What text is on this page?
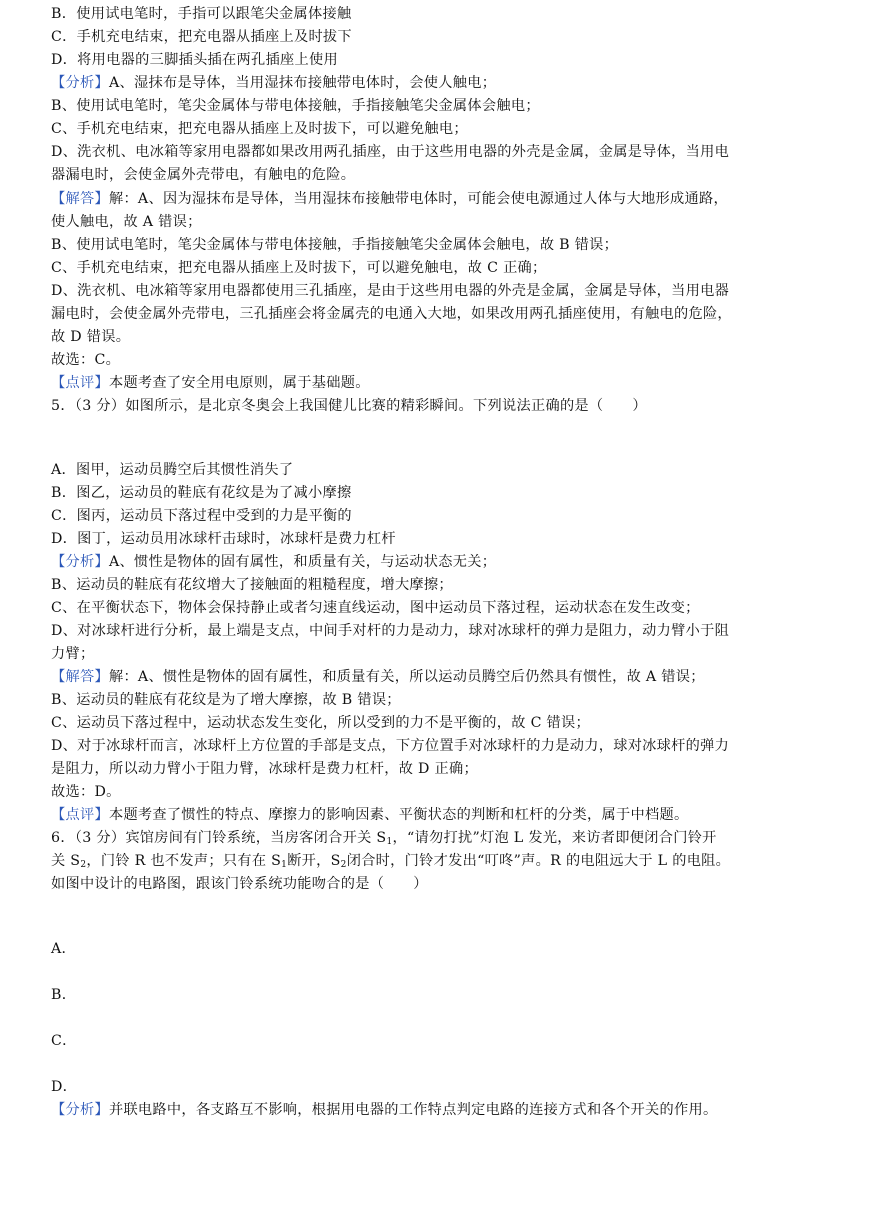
B．使用试电笔时，手指可以跟笔尖金属体接触
C．手机充电结束，把充电器从插座上及时拔下
D．将用电器的三脚插头插在两孔插座上使用
【分析】A、湿抹布是导体，当用湿抹布接触带电体时，会使人触电；
B、使用试电笔时，笔尖金属体与带电体接触，手指接触笔尖金属体会触电；
C、手机充电结束，把充电器从插座上及时拔下，可以避免触电；
D、洗衣机、电冰箱等家用电器都如果改用两孔插座，由于这些用电器的外壳是金属，金属是导体，当用电
器漏电时，会使金属外壳带电，有触电的危险。
【解答】解：A、因为湿抹布是导体，当用湿抹布接触带电体时，可能会使电源通过人体与大地形成通路，
使人触电，故 A 错误；
B、使用试电笔时，笔尖金属体与带电体接触，手指接触笔尖金属体会触电，故 B 错误；
C、手机充电结束，把充电器从插座上及时拔下，可以避免触电，故 C 正确；
D、洗衣机、电冰箱等家用电器都使用三孔插座，是由于这些用电器的外壳是金属，金属是导体，当用电器
漏电时，会使金属外壳带电，三孔插座会将金属壳的电通入大地，如果改用两孔插座使用，有触电的危险，
故 D 错误。
故选：C。
【点评】本题考查了安全用电原则，属于基础题。
5．（3 分）如图所示，是北京冬奥会上我国健儿比赛的精彩瞬间。下列说法正确的是（　　）
A．图甲，运动员腾空后其惯性消失了
B．图乙，运动员的鞋底有花纹是为了减小摩擦
C．图丙，运动员下落过程中受到的力是平衡的
D．图丁，运动员用冰球杆击球时，冰球杆是费力杠杆
【分析】A、惯性是物体的固有属性，和质量有关，与运动状态无关；
B、运动员的鞋底有花纹增大了接触面的粗糙程度，增大摩擦；
C、在平衡状态下，物体会保持静止或者匀速直线运动，图中运动员下落过程，运动状态在发生改变；
D、对冰球杆进行分析，最上端是支点，中间手对杆的力是动力，球对冰球杆的弹力是阻力，动力臂小于阻
力臂；
【解答】解：A、惯性是物体的固有属性，和质量有关，所以运动员腾空后仍然具有惯性，故 A 错误；
B、运动员的鞋底有花纹是为了增大摩擦，故 B 错误；
C、运动员下落过程中，运动状态发生变化，所以受到的力不是平衡的，故 C 错误；
D、对于冰球杆而言，冰球杆上方位置的手部是支点，下方位置手对冰球杆的力是动力，球对冰球杆的弹力
是阻力，所以动力臂小于阻力臂，冰球杆是费力杠杆，故 D 正确；
故选：D。
【点评】本题考查了惯性的特点、摩擦力的影响因素、平衡状态的判断和杠杆的分类，属于中档题。
6．（3 分）宾馆房间有门铃系统，当房客闭合开关 $S_1$，“请勿打扰”灯泡 L 发光，来访者即便闭合门铃开
关 $S_2$，门铃 R 也不发声；只有在 $S_1$断开，$S_2$闭合时，门铃才发出“叮咚”声。R 的电阻远大于 L 的电阻。
如图中设计的电路图，跟该门铃系统功能吻合的是（　　）
A．
B．
C．
D．
【分析】并联电路中，各支路互不影响，根据用电器的工作特点判定电路的连接方式和各个开关的作用。
